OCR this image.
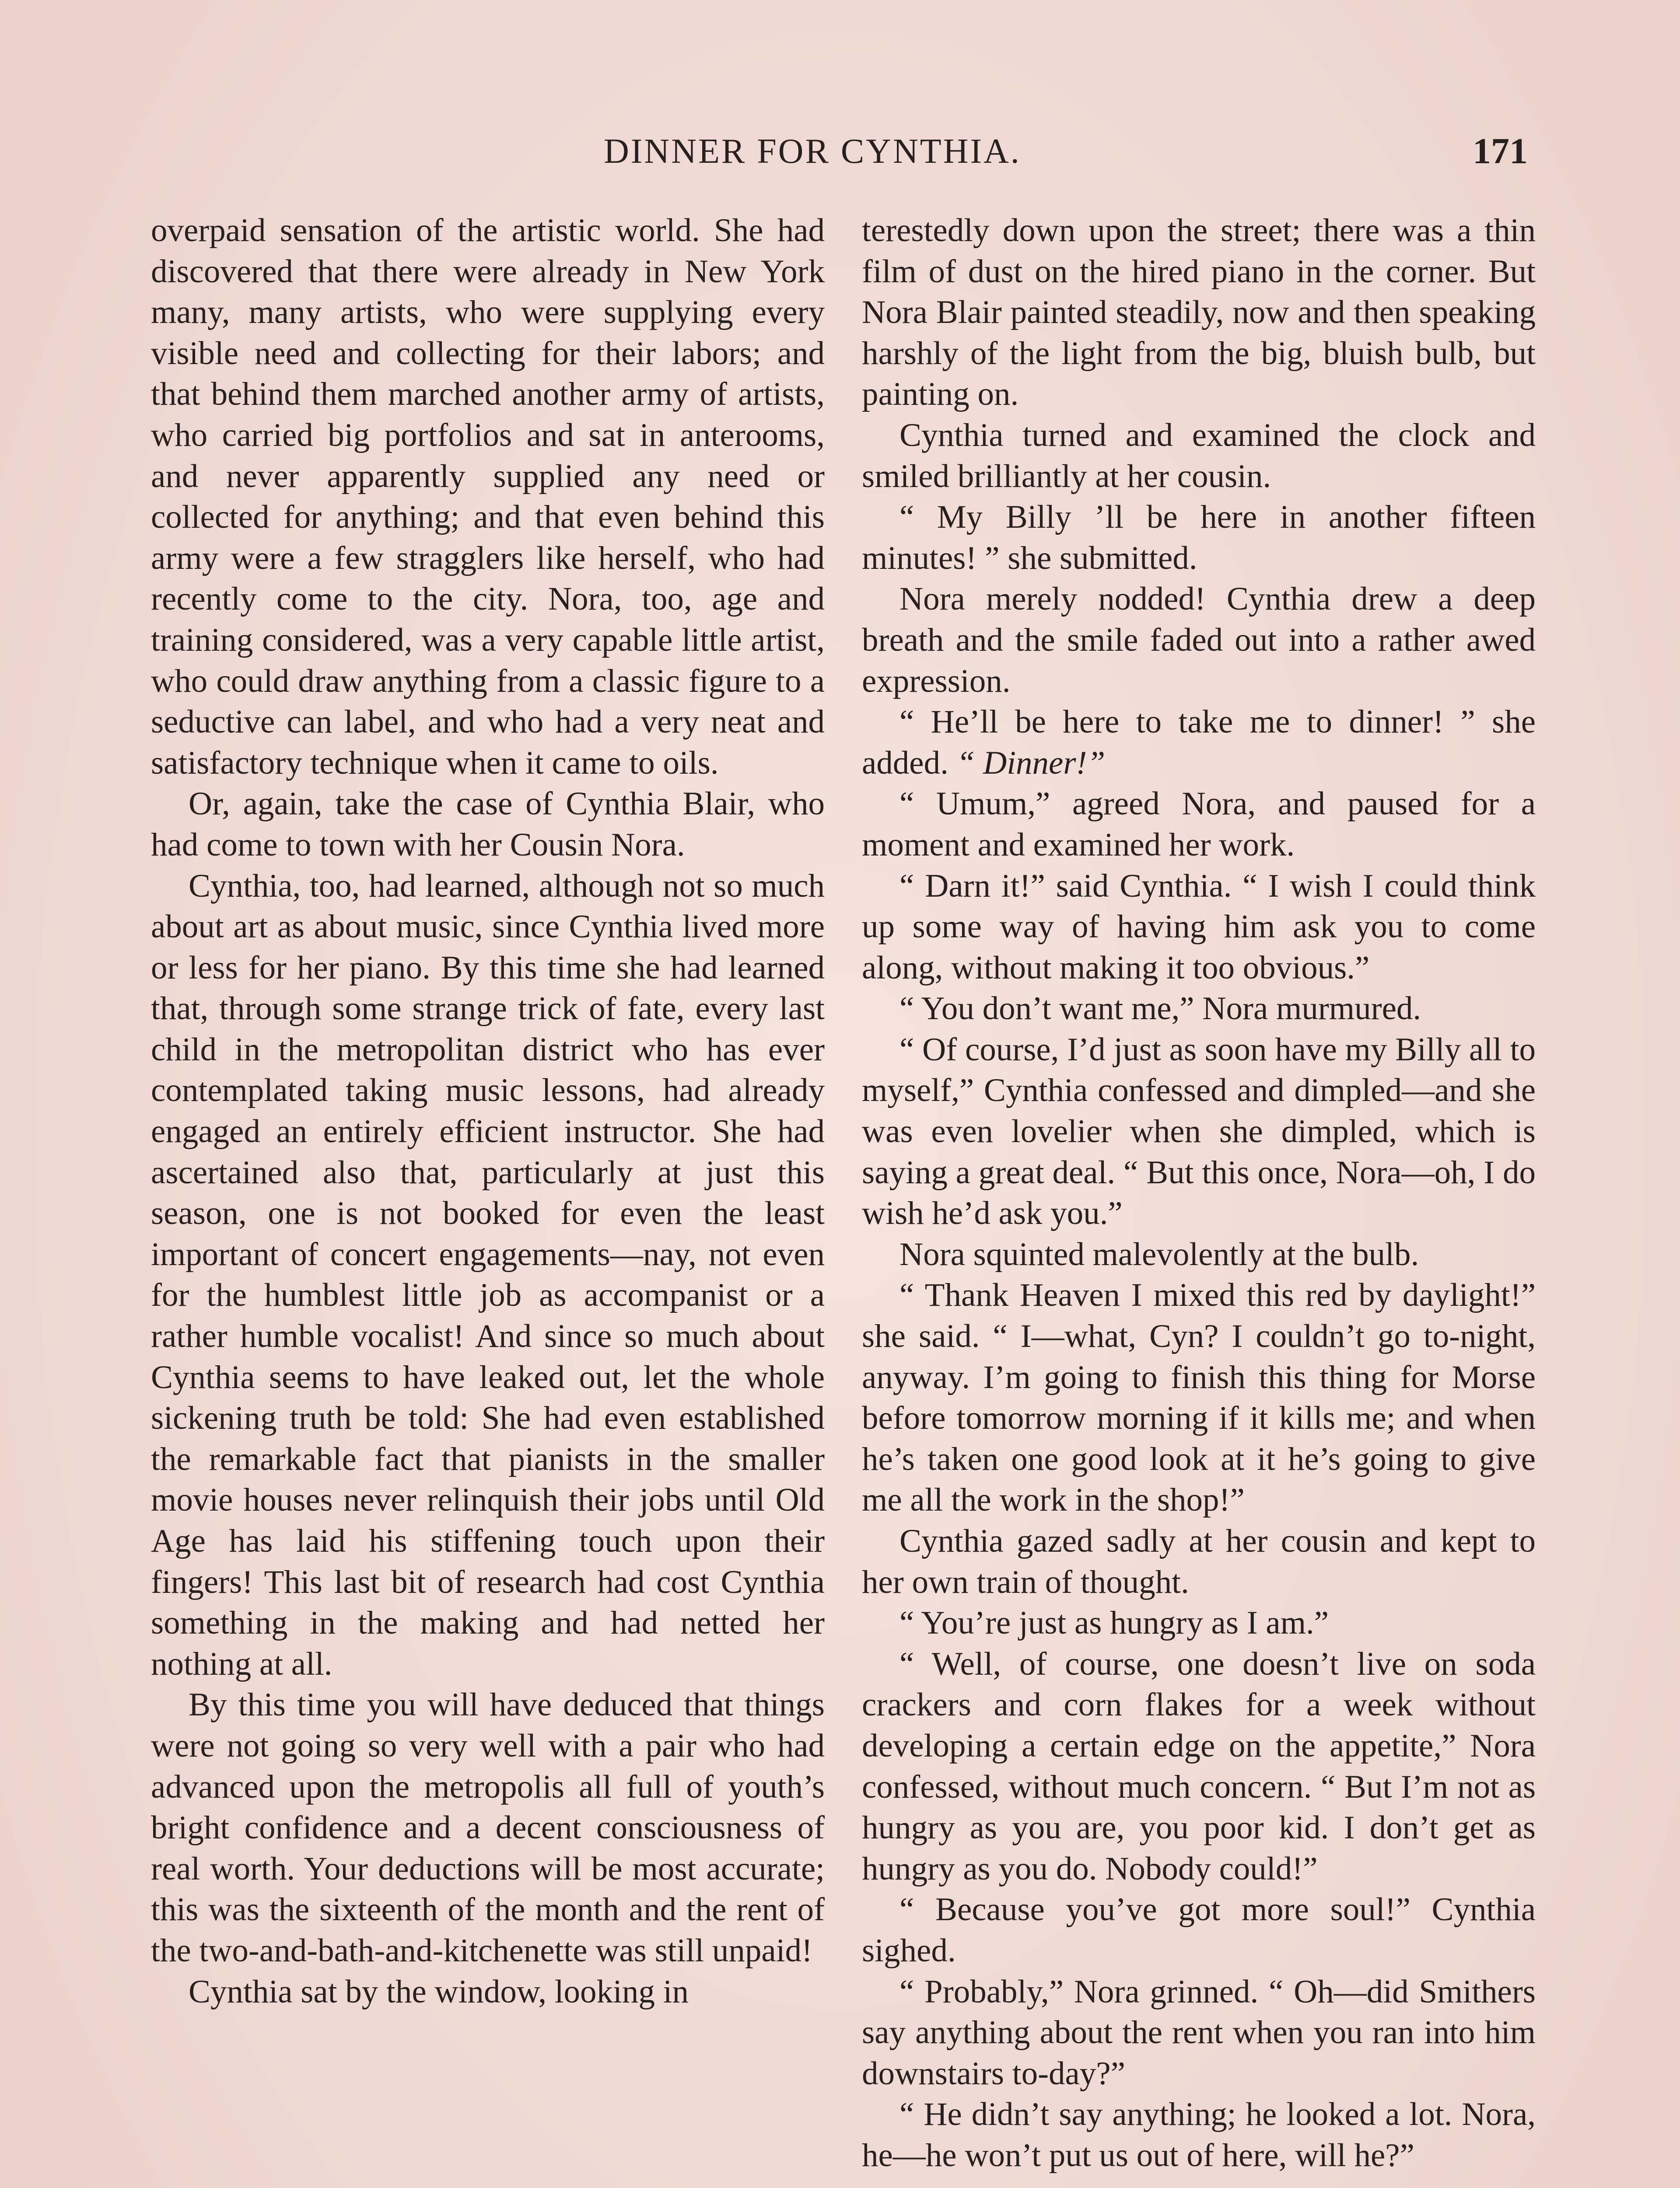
DINNER FOR CYNTHIA.	171

overpaid sensation of the artistic world. She had discovered that there were already in New York many, many artists, who were supplying every visible need and collecting for their labors; and that behind them marched another army of artists, who carried big portfolios and sat in anterooms, and never apparently supplied any need or collected for anything; and that even behind this army were a few stragglers like herself, who had recently come to the city. Nora, too, age and training considered, was a very capable little artist, who could draw anything from a classic figure to a seductive can label, and who had a very neat and satisfactory technique when it came to oils.

Or, again, take the case of Cynthia Blair, who had come to town with her Cousin Nora.

Cynthia, too, had learned, although not so much about art as about music, since Cynthia lived more or less for her piano. By this time she had learned that, through some strange trick of fate, every last child in the metropolitan district who has ever contemplated taking music lessons, had already engaged an entirely efficient instructor. She had ascertained also that, particularly at just this season, one is not booked for even the least important of concert engagements—nay, not even for the humblest little job as accompanist or a rather humble vocalist! And since so much about Cynthia seems to have leaked out, let the whole sickening truth be told: She had even established the remarkable fact that pianists in the smaller movie houses never relinquish their jobs until Old Age has laid his stiffening touch upon their fingers! This last bit of research had cost Cynthia something in the making and had netted her nothing at all.

By this time you will have deduced that things were not going so very well with a pair who had advanced upon the metropolis all full of youth’s bright confidence and a decent consciousness of real worth. Your deductions will be most accurate; this was the sixteenth of the month and the rent of the two-and-bath-and-kitchenette was still unpaid!

Cynthia sat by the window, looking in

terestedly down upon the street; there was a thin film of dust on the hired piano in the corner. But Nora Blair painted steadily, now and then speaking harshly of the light from the big, bluish bulb, but painting on.

Cynthia turned and examined the clock and smiled brilliantly at her cousin.

“ My Billy ’ll be here in another fifteen minutes! ” she submitted.

Nora merely nodded! Cynthia drew a deep breath and the smile faded out into a rather awed expression.

“ He’ll be here to take me to dinner! ” she added. “ Dinner!”

“ Umum,” agreed Nora, and paused for a moment and examined her work.

“ Darn it!” said Cynthia. “ I wish I could think up some way of having him ask you to come along, without making it too obvious.”

“ You don’t want me,” Nora murmured.

“ Of course, I’d just as soon have my Billy all to myself,” Cynthia confessed and dimpled—and she was even lovelier when she dimpled, which is saying a great deal. “ But this once, Nora—oh, I do wish he’d ask you.”

Nora squinted malevolently at the bulb.

“ Thank Heaven I mixed this red by daylight!” she said. “ I—what, Cyn? I couldn’t go to-night, anyway. I’m going to finish this thing for Morse before tomorrow morning if it kills me; and when he’s taken one good look at it he’s going to give me all the work in the shop!”

Cynthia gazed sadly at her cousin and kept to her own train of thought.

“ You’re just as hungry as I am.”

“ Well, of course, one doesn’t live on soda crackers and corn flakes for a week without developing a certain edge on the appetite,” Nora confessed, without much concern. “ But I’m not as hungry as you are, you poor kid. I don’t get as hungry as you do. Nobody could!”

“ Because you’ve got more soul!” Cynthia sighed.

“ Probably,” Nora grinned. “ Oh—did Smithers say anything about the rent when you ran into him downstairs to-day?”

“ He didn’t say anything; he looked a lot. Nora, he—he won’t put us out of here, will he?”
